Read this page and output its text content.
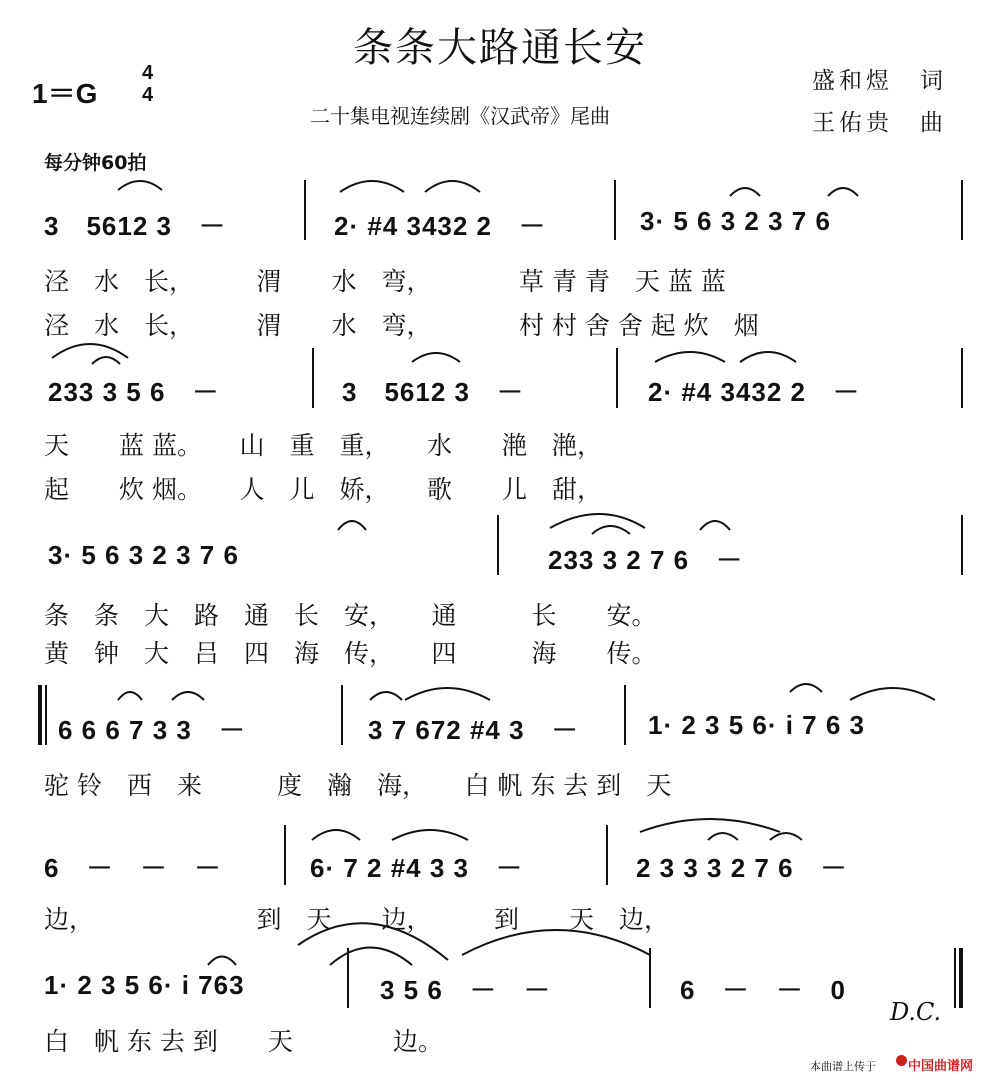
条条大路通长安
二十集电视连续剧《汉武帝》尾曲
盛和煜　词
王佑贵　曲
1＝G
4
4
每分钟60拍
3　5612 3　－	2· #4 3432 2　－	3· 5 6 3 2 3 7 6
泾　水　长，　　　渭　　水　弯，　　　　草 青 青　天 蓝 蓝
泾　水　长，　　　渭　　水　弯，　　　　村 村 舍 舍 起 炊　烟
233 3 5 6　－	3　5612 3　－	2· #4 3432 2　－
天　　蓝 蓝。　　山　重　重，　　水　　滟　滟，
起　　炊 烟。　　人　儿　娇，　　歌　　儿　甜，
3· 5 6 3 2 3 7 6	233 3 2 7 6　－
条　条　大　路　通　长　安，　　通　　　长　　安。
黄　钟　大　吕　四　海　传，　　四　　　海　　传。
6 6 6 7 3 3　－	3 7 672 #4 3　－	1· 2 3 5 6· i 7 6 3
驼 铃　西　来　　　度　瀚　海，　　白 帆 东 去 到　天
6　－　－　－	6· 7 2 #4 3 3　－	2 3 3 3 2 7 6　－
边，　　　　　　　到　天　　边，　　　到　　天　边，
1· 2 3 5 6· i 763	3 5 6　－　－	6　－　－　0
白　帆 东 去 到　　天　　　　边。
D.C.
本曲谱上传于 中国曲谱网
